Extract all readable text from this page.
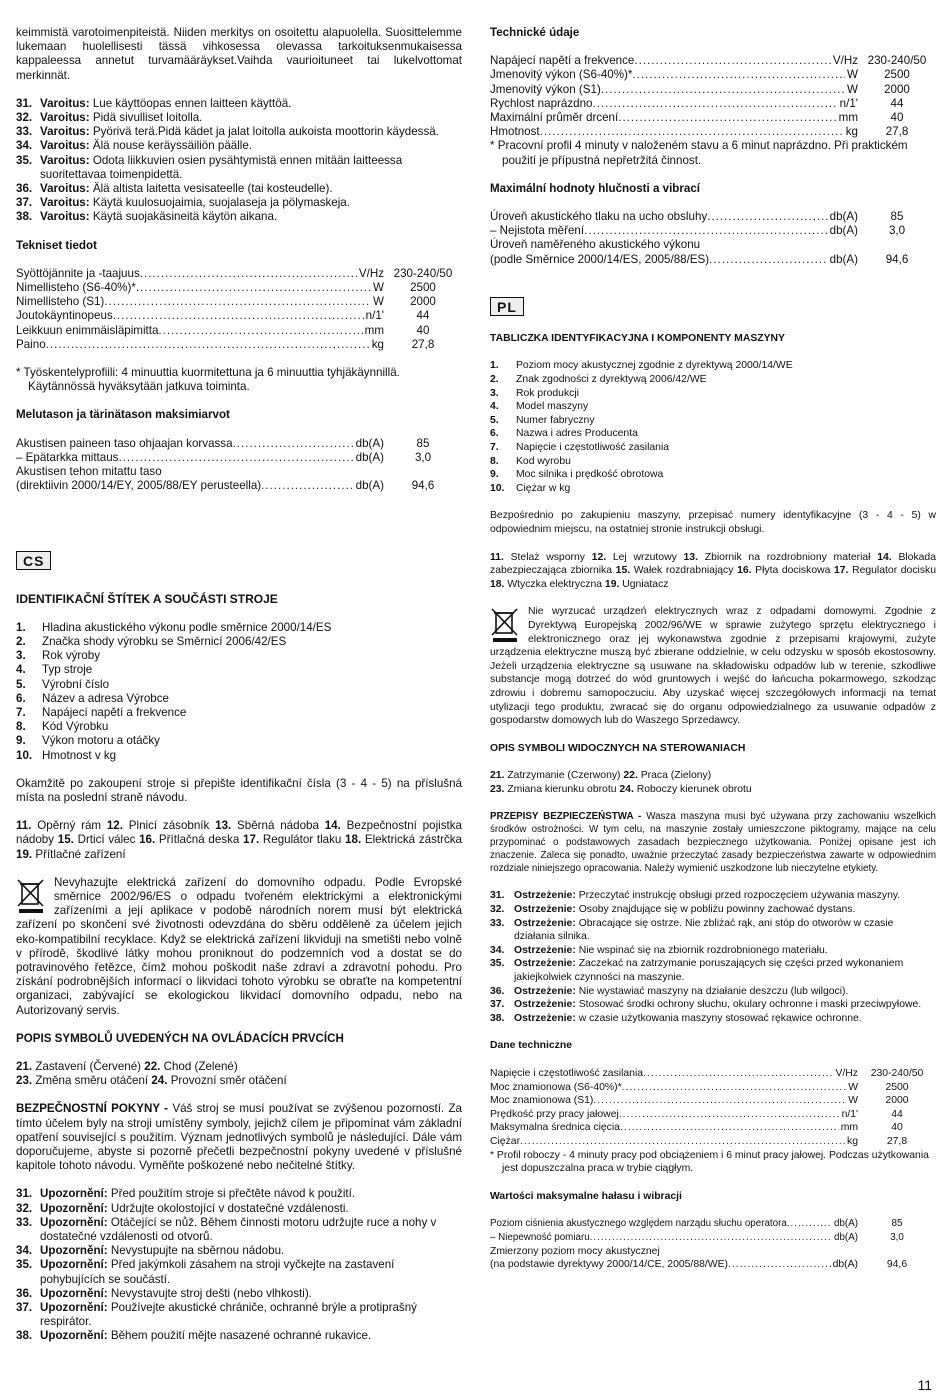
keimmistä varotoimenpiteistä. Niiden merkitys on osoitettu alapuolella. Suosittelemme lukemaan huolellisesti tässä vihkosessa olevassa tarkoituksenmukaisessa kappaleessa annetut turvamääräykset.Vaihda vaurioituneet tai lukelvottomat merkinnät.

31. Varoitus: Lue käyttöopas ennen laitteen käyttöä.
32. Varoitus: Pidä sivulliset loitolla.
33. Varoitus: Pyörivä terä.Pidä kädet ja jalat loitolla aukoista moottorin käydessä.
34. Varoitus: Älä nouse keräyssäiliön päälle.
35. Varoitus: Odota liikkuvien osien pysähtymistä ennen mitään laitteessa suoritettavaa toimenpidettä.
36. Varoitus: Älä altista laitetta vesisateelle (tai kosteudelle).
37. Varoitus: Käytä kuulosuojaimia, suojalaseja ja pölymaskeja.
38. Varoitus: Käytä suojakäsineitä käytön aikana.
Tekniset tiedot
Syöttöjännite ja -taajuus .....	V/Hz 230-240/50
Nimellisteho (S6-40%)* .....	W	2500
Nimellisteho (S1) .....	W	2000
Joutokäyntinopeus .....	n/1'	44
Leikkuun enimmäisläpimitta .....	mm	40
Paino .....	kg	27,8

* Työskentelyprofiili: 4 minuuttia kuormitettuna ja 6 minuuttia tyhjäkäynnillä. Käytännössä hyväksytään jatkuva toiminta.

Melutason ja tärinätason maksimiarvot
Akustisen paineen taso ohjaajan korvassa .....	db(A)	85
– Epätarkka mittaus .....	db(A)	3,0
Akustisen tehon mitattu taso
(direktiivin 2000/14/EY, 2005/88/EY perusteella) .....	db(A)	94,6
CS
IDENTIFIKAČNÍ ŠTÍTEK A SOUČÁSTI STROJE
1. Hladina akustického výkonu podle směrnice 2000/14/ES
2. Značka shody výrobku se Směrnicí 2006/42/ES
3. Rok výroby
4. Typ stroje
5. Výrobní číslo
6. Název a adresa Výrobce
7. Napájecí napětí a frekvence
8. Kód Výrobku
9. Výkon motoru a otáčky
10. Hmotnost v kg

Okamžitě po zakoupení stroje si přepište identifikační čísla (3 - 4 - 5) na příslušná místa na poslední straně návodu.

11. Opěrný rám 12. Plnicí zásobník 13. Sběrná nádoba 14. Bezpečnostní pojistka nádoby 15. Drticí válec 16. Přítlačná deska 17. Regulátor tlaku 18. Elektrická zástrčka 19. Přítlačné zařízení

Nevyhazujte elektrická zařízení do domovního odpadu. Podle Evropské směrnice 2002/96/ES o odpadu tvořeném elektrickými a elektronickými zařízeními a její aplikace v podobě národních norem musí být elektrická zařízení po skončení své životnosti odevzdána do sběru odděleně za účelem jejich eko-kompatibilní recyklace. Když se elektrická zařízení likviduji na smetišti nebo volně v přírodě, škodlivé látky mohou proniknout do podzemních vod a dostat se do potravinového řetězce, čímž mohou poškodit naše zdraví a zdravotní pohodu. Pro získání podrobnějších informací o likvidaci tohoto výrobku se obraťte na kompetentní organizaci, zabývající se ekologickou likvidací domovního odpadu, nebo na Autorizovaný servis.

POPIS SYMBOLŮ UVEDENÝCH NA OVLÁDACÍCH PRVCÍCH
21. Zastavení (Červené) 22. Chod (Zelené)
23. Změna směru otáčení 24. Provozní směr otáčení

BEZPEČNOSTNÍ POKYNY - Váš stroj se musí používat se zvýšenou pozorností. Za tímto účelem byly na stroji umístěny symboly, jejichž cílem je připomínat vám základní opatření související s použitím. Význam jednotlivých symbolů je následující. Dále vám doporučujeme, abyste si pozorně přečetli bezpečnostní pokyny uvedené v příslušné kapitole tohoto návodu. Vyměňte poškozené nebo nečitelné štítky.

31. Upozornění: Před použitím stroje si přečtěte návod k použití.
32. Upozornění: Udržujte okolostojící v dostatečné vzdálenosti.
33. Upozornění: Otáčející se nůž. Během činnosti motoru udržujte ruce a nohy v dostatečné vzdálenosti od otvorů.
34. Upozornění: Nevystupujte na sběrnou nádobu.
35. Upozornění: Před jakýmkoli zásahem na stroji vyčkejte na zastavení pohybujících se součástí.
36. Upozornění: Nevystavujte stroj dešti (nebo vlhkosti).
37. Upozornění: Používejte akustické chrániče, ochranné brýle a protiprašný respirátor.
38. Upozornění: Během použití mějte nasazené ochranné rukavice.
Technické údaje
Napájecí napětí a frekvence .....	V/Hz 230-240/50
Jmenovitý výkon (S6-40%)* .....	W	2500
Jmenovitý výkon (S1) .....	W	2000
Rychlost naprázdno .....	n/1'	44
Maximální průměr drcení .....	mm	40
Hmotnost .....	kg	27,8

* Pracovní profil 4 minuty v naloženém stavu a 6 minut naprázdno. Při praktickém použití je přípustná nepřetržitá činnost.

Maximální hodnoty hlučnosti a vibrací
Úroveň akustického tlaku na ucho obsluhy .....	db(A)	85
– Nejistota měření .....	db(A)	3,0
Úroveň naměřeného akustického výkonu
(podle Směrnice 2000/14/ES, 2005/88/ES) .....	db(A)	94,6
PL
TABLICZKA IDENTYFIKACYJNA I KOMPONENTY MASZYNY
1. Poziom mocy akustycznej zgodnie z dyrektywą 2000/14/WE
2. Znak zgodności z dyrektywą 2006/42/WE
3. Rok produkcji
4. Model maszyny
5. Numer fabryczny
6. Nazwa i adres Producenta
7. Napięcie i częstotliwość zasilania
8. Kod wyrobu
9. Moc silnika i prędkość obrotowa
10. Ciężar w kg

Bezpośrednio po zakupieniu maszyny, przepisać numery identyfikacyjne (3 - 4 - 5) w odpowiednim miejscu, na ostatniej stronie instrukcji obsługi.

11. Stelaż wsporny 12. Lej wrzutowy 13. Zbiornik na rozdrobniony materiał 14. Blokada zabezpieczająca zbiornika 15. Wałek rozdrabniający 16. Płyta dociskowa 17. Regulator docisku 18. Wtyczka elektryczna 19. Ugniatacz

Nie wyrzucać urządzeń elektrycznych wraz z odpadami domowymi. Zgodnie z Dyrektywą Europejską 2002/96/WE w sprawie zużytego sprzętu elektrycznego i elektronicznego oraz jej wykonawstwa zgodnie z przepisami krajowymi, zużyte urządzenia elektryczne muszą być zbierane oddzielnie, w celu odzysku w sposób ekostosowny. Jeżeli urządzenia elektryczne są usuwane na składowisku odpadów lub w terenie, szkodliwe substancje mogą dotrzeć do wód gruntowych i wejść do łańcucha pokarmowego, szkodząc zdrowiu i dobremu samopoczuciu. Aby uzyskać więcej szczegółowych informacji na temat utylizacji tego produktu, zwracać się do organu odpowiedzialnego za usuwanie odpadów z gospodarstw domowych lub do Waszego Sprzedawcy.

OPIS SYMBOLI WIDOCZNYCH NA STEROWANIACH
21. Zatrzymanie (Czerwony) 22. Praca (Zielony)
23. Zmiana kierunku obrotu 24. Roboczy kierunek obrotu

PRZEPISY BEZPIECZEŃSTWA - Wasza maszyna musi być używana przy zachowaniu wszelkich środków ostrożności. W tym celu, na maszynie zostały umieszczone piktogramy, mające na celu przypominać o podstawowych zasadach bezpiecznego użytkowania. Poniżej opisane jest ich znaczenie. Zaleca się ponadto, uważnie przeczytać zasady bezpieczeństwa zawarte w odpowiednim rozdziale niniejszego opracowania. Należy wymienić uszkodzone lub nieczytelne etykiety.

31. Ostrzeżenie: Przeczytać instrukcję obsługi przed rozpoczęciem używania maszyny.
32. Ostrzeżenie: Osoby znajdujące się w pobliżu powinny zachować dystans.
33. Ostrzeżenie: Obracające się ostrze. Nie zbliżać rąk, ani stóp do otworów w czasie działania silnika.
34. Ostrzeżenie: Nie wspinać się na zbiornik rozdrobnionego materiału.
35. Ostrzeżenie: Zaczekać na zatrzymanie poruszających się części przed wykonaniem jakiejkolwiek czynności na maszynie.
36. Ostrzeżenie: Nie wystawiać maszyny na działanie deszczu (lub wilgoci).
37. Ostrzeżenie: Stosować środki ochrony słuchu, okulary ochronne i maski przeciwpyłowe.
38. Ostrzeżenie: w czasie użytkowania maszyny stosować rękawice ochronne.
Dane techniczne
Napięcie i częstotliwość zasilania .....	V/Hz	230-240/50
Moc znamionowa (S6-40%)* .....	W	2500
Moc znamionowa (S1) .....	W	2000
Prędkość przy pracy jałowej .....	n/1'	44
Maksymalna średnica cięcia .....	mm	40
Ciężar .....	kg	27,8

* Profil roboczy - 4 minuty pracy pod obciążeniem i 6 minut pracy jałowej. Podczas użytkowania jest dopuszczalna praca w trybie ciągłym.

Wartości maksymalne hałasu i wibracji
Poziom ciśnienia akustycznego względem narządu słuchu operatora .....	db(A)	85
– Niepewność pomiaru .....	db(A)	3,0
Zmierzony poziom mocy akustycznej
(na podstawie dyrektywy 2000/14/CE, 2005/88/WE) .....	db(A)	94,6
11
